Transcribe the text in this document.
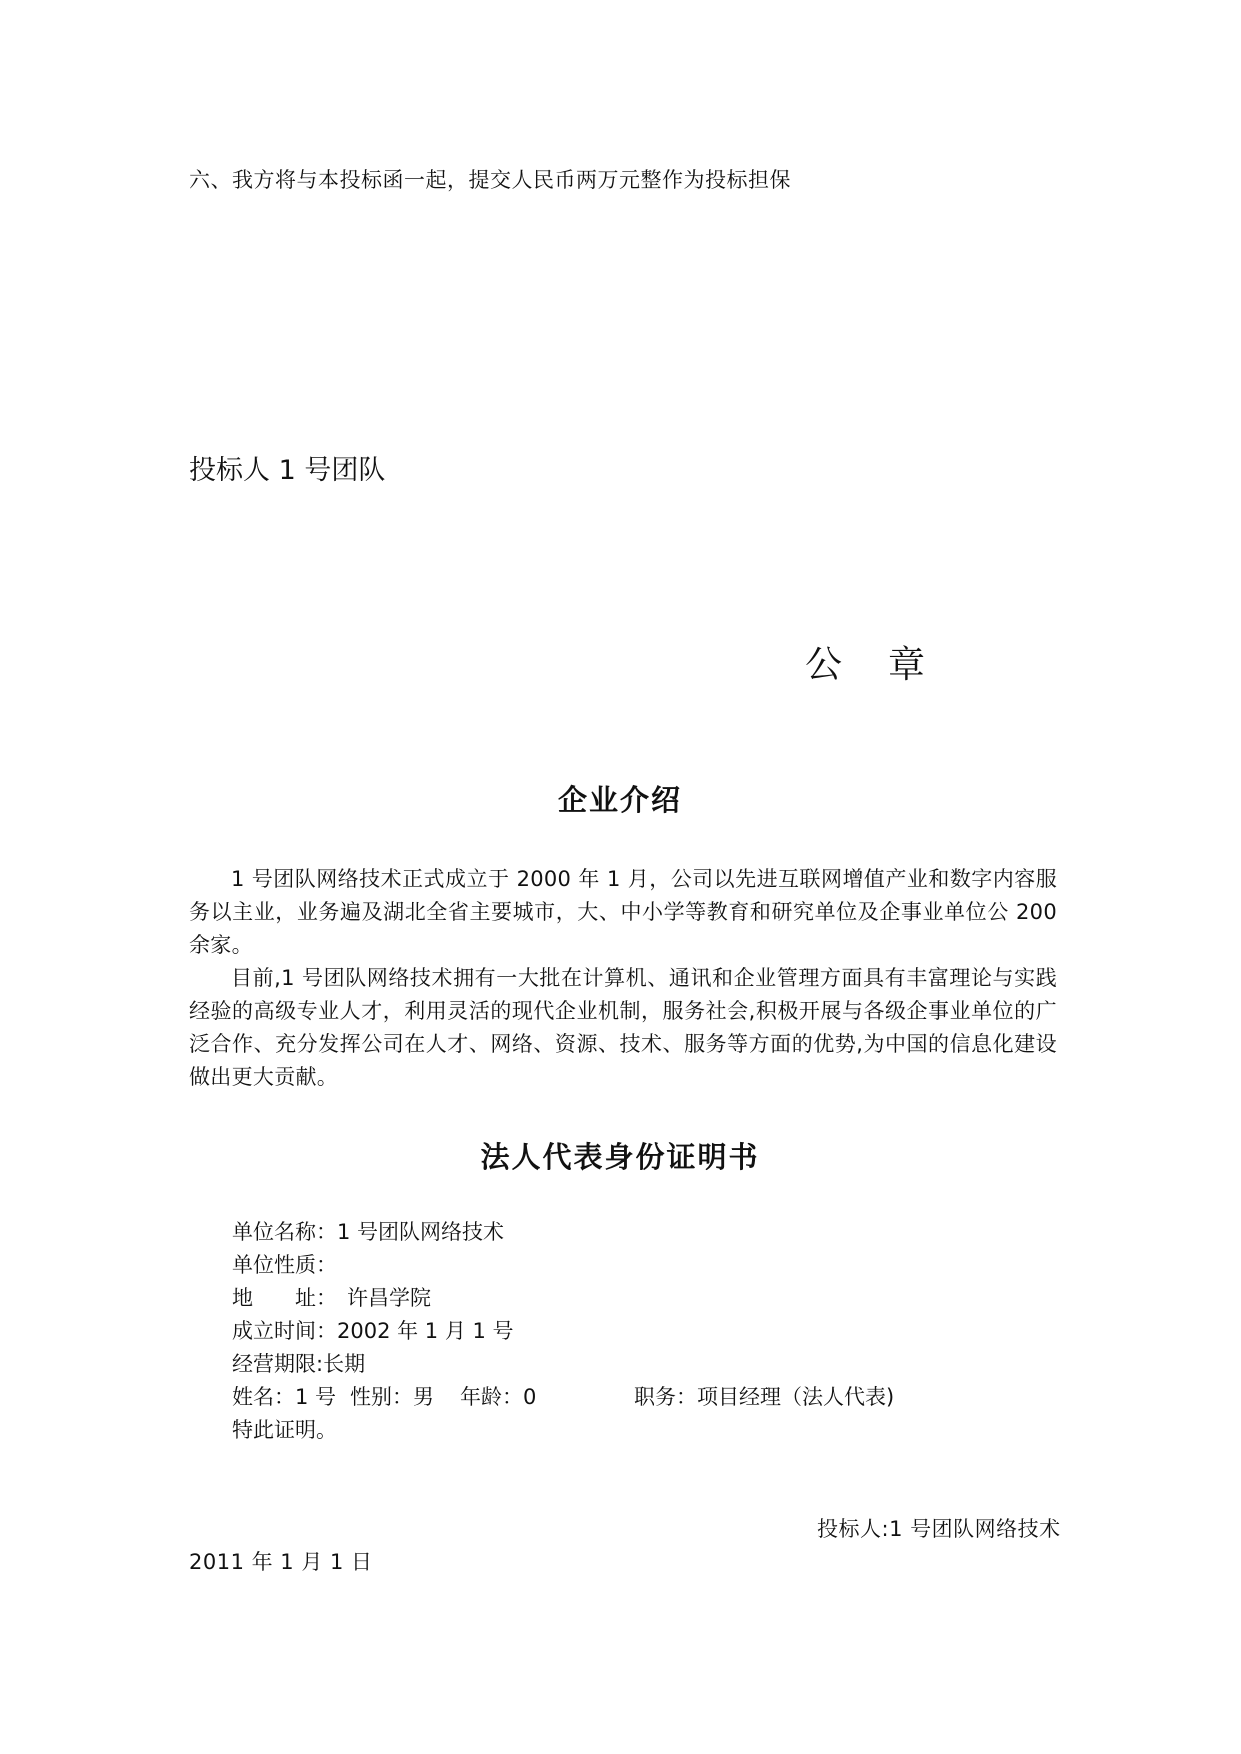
六、我方将与本投标函一起，提交人民币两万元整作为投标担保
投标人 1 号团队
公章
企业介绍
1 号团队网络技术正式成立于 2000 年 1 月，公司以先进互联网增值产业和数字内容服务以主业，业务遍及湖北全省主要城市，大、中小学等教育和研究单位及企事业单位公 200 余家。
目前,1 号团队网络技术拥有一大批在计算机、通讯和企业管理方面具有丰富理论与实践经验的高级专业人才，利用灵活的现代企业机制，服务社会,积极开展与各级企事业单位的广泛合作、充分发挥公司在人才、网络、资源、技术、服务等方面的优势,为中国的信息化建设做出更大贡献。
法人代表身份证明书
单位名称：1 号团队网络技术
单位性质：
地 址： 许昌学院
成立时间：2002 年 1 月 1 号
经营期限:长期
姓名：1 号 性别：男 年龄：0	职务：项目经理（法人代表)
特此证明。
投标人:1 号团队网络技术
2011 年 1 月 1 日
